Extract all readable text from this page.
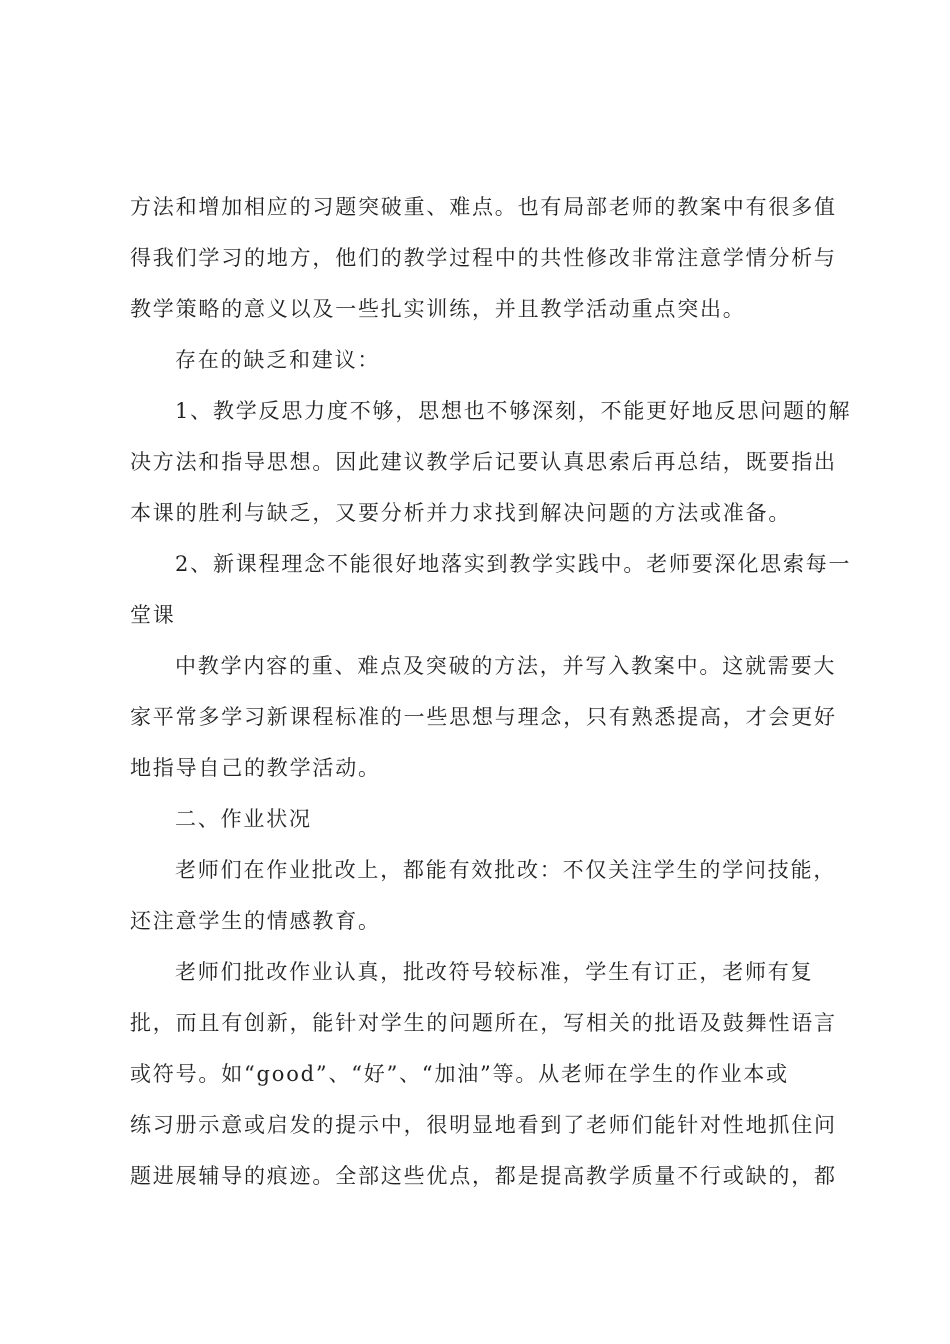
方法和增加相应的习题突破重、难点。也有局部老师的教案中有很多值
得我们学习的地方，他们的教学过程中的共性修改非常注意学情分析与
教学策略的意义以及一些扎实训练，并且教学活动重点突出。
存在的缺乏和建议：
1、教学反思力度不够，思想也不够深刻，不能更好地反思问题的解
决方法和指导思想。因此建议教学后记要认真思索后再总结，既要指出
本课的胜利与缺乏，又要分析并力求找到解决问题的方法或准备。
2、新课程理念不能很好地落实到教学实践中。老师要深化思索每一
堂课
中教学内容的重、难点及突破的方法，并写入教案中。这就需要大
家平常多学习新课程标准的一些思想与理念，只有熟悉提高，才会更好
地指导自己的教学活动。
二、作业状况
老师们在作业批改上，都能有效批改：不仅关注学生的学问技能，
还注意学生的情感教育。
老师们批改作业认真，批改符号较标准，学生有订正，老师有复
批，而且有创新，能针对学生的问题所在，写相关的批语及鼓舞性语言
或符号。如“good”、“好”、“加油”等。从老师在学生的作业本或
练习册示意或启发的提示中，很明显地看到了老师们能针对性地抓住问
题进展辅导的痕迹。全部这些优点，都是提高教学质量不行或缺的，都
